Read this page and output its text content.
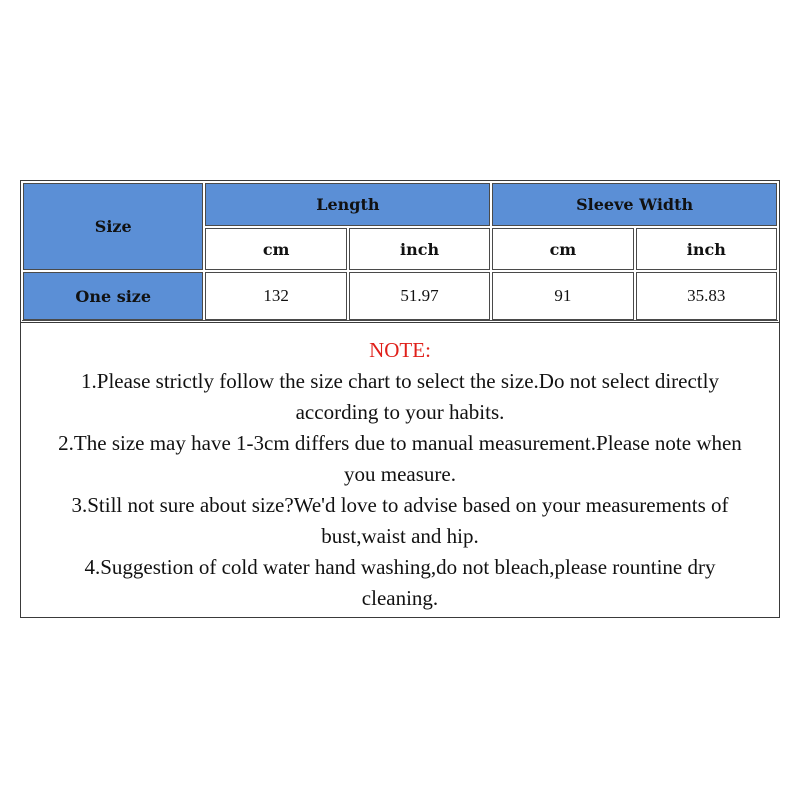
Size	Length		Sleeve Width	
	cm	inch	cm	inch
One size	132	51.97	91	35.83
NOTE:
1.Please strictly follow the size chart to select the size.Do not select directly according to your habits.
2.The size may have 1-3cm differs due to manual measurement.Please note when you measure.
3.Still not sure about size?We'd love to advise based on your measurements of bust,waist and hip.
4.Suggestion of cold water hand washing,do not bleach,please rountine dry cleaning.
